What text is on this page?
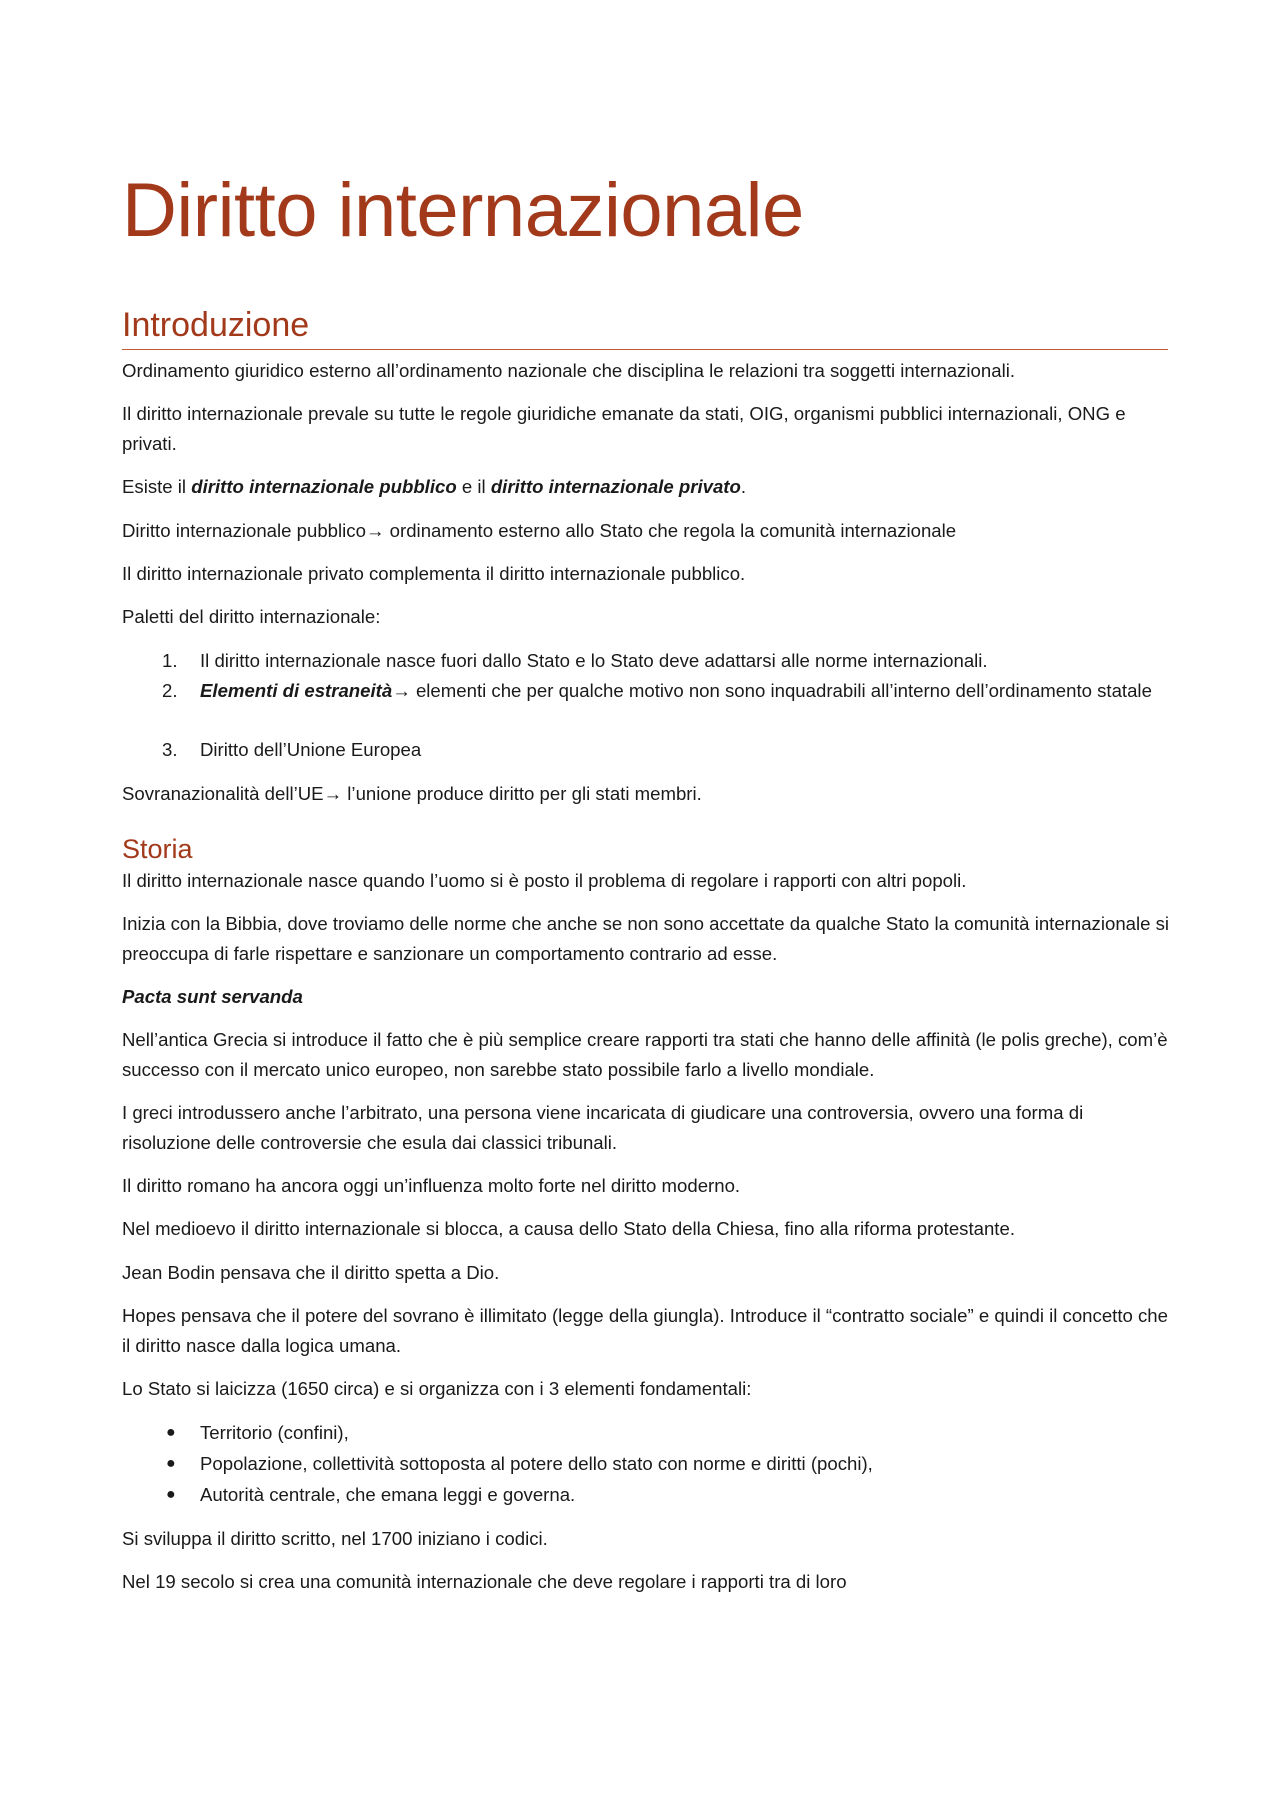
Diritto internazionale
Introduzione

Ordinamento giuridico esterno all’ordinamento nazionale che disciplina le relazioni tra soggetti internazionali.

Il diritto internazionale prevale su tutte le regole giuridiche emanate da stati, OIG, organismi pubblici internazionali, ONG e privati.

Esiste il diritto internazionale pubblico e il diritto internazionale privato.

Diritto internazionale pubblico→ ordinamento esterno allo Stato che regola la comunità internazionale

Il diritto internazionale privato complementa il diritto internazionale pubblico.

Paletti del diritto internazionale:

1. Il diritto internazionale nasce fuori dallo Stato e lo Stato deve adattarsi alle norme internazionali.
2. Elementi di estraneità→ elementi che per qualche motivo non sono inquadrabili all’interno dell’ordinamento statale
3. Diritto dell’Unione Europea

Sovranazionalità dell’UE→ l’unione produce diritto per gli stati membri.

Storia

Il diritto internazionale nasce quando l’uomo si è posto il problema di regolare i rapporti con altri popoli.

Inizia con la Bibbia, dove troviamo delle norme che anche se non sono accettate da qualche Stato la comunità internazionale si preoccupa di farle rispettare e sanzionare un comportamento contrario ad esse.

Pacta sunt servanda

Nell’antica Grecia si introduce il fatto che è più semplice creare rapporti tra stati che hanno delle affinità (le polis greche), com’è successo con il mercato unico europeo, non sarebbe stato possibile farlo a livello mondiale.

I greci introdussero anche l’arbitrato, una persona viene incaricata di giudicare una controversia, ovvero una forma di risoluzione delle controversie che esula dai classici tribunali.

Il diritto romano ha ancora oggi un’influenza molto forte nel diritto moderno.

Nel medioevo il diritto internazionale si blocca, a causa dello Stato della Chiesa, fino alla riforma protestante.

Jean Bodin pensava che il diritto spetta a Dio.

Hopes pensava che il potere del sovrano è illimitato (legge della giungla). Introduce il “contratto sociale” e quindi il concetto che il diritto nasce dalla logica umana.

Lo Stato si laicizza (1650 circa) e si organizza con i 3 elementi fondamentali:

● Territorio (confini),
● Popolazione, collettività sottoposta al potere dello stato con norme e diritti (pochi),
● Autorità centrale, che emana leggi e governa.

Si sviluppa il diritto scritto, nel 1700 iniziano i codici.

Nel 19 secolo si crea una comunità internazionale che deve regolare i rapporti tra di loro
